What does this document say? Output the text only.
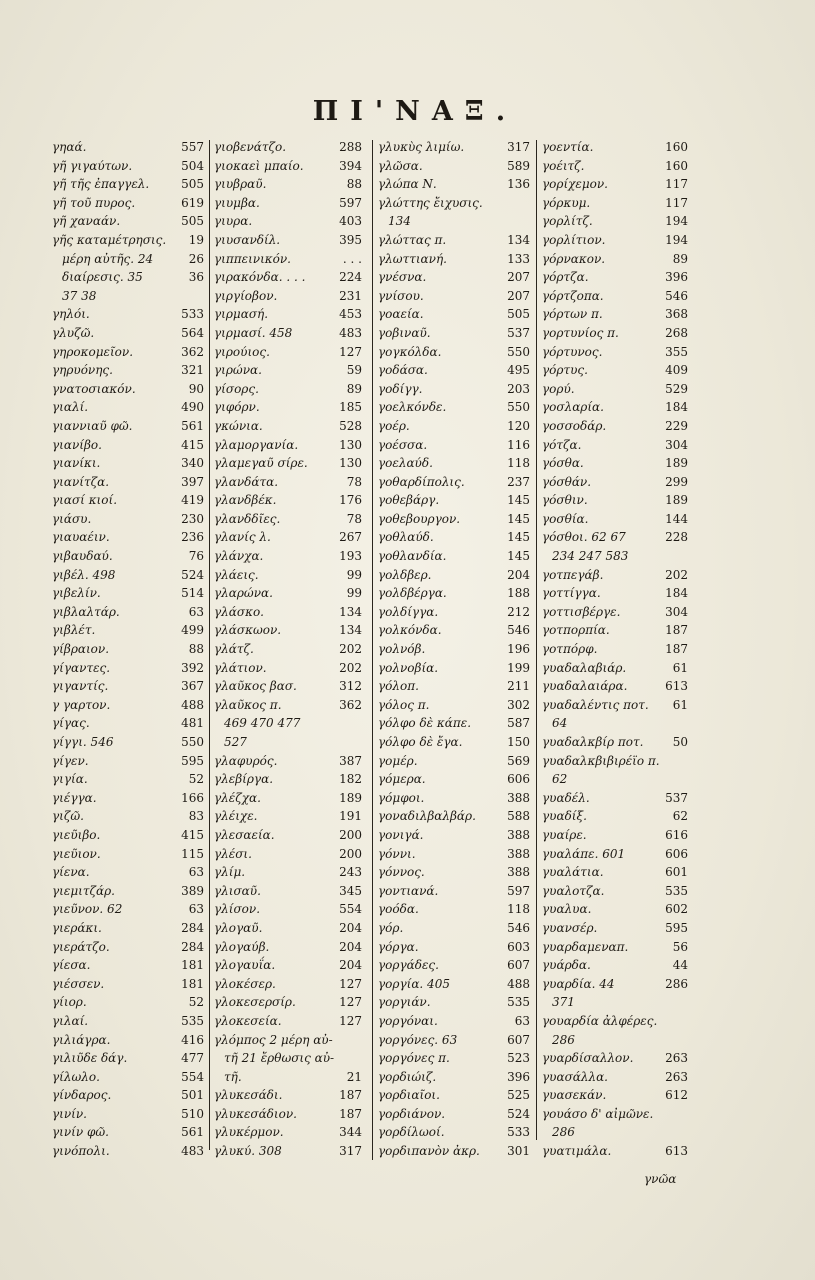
ΠΙ'ΝΑΞ.
γηαά.	557
γῆ γιγαύτων.	504
γῆ τῆς ἐπαγγελ.	505
γῆ τοῦ πυρος.	619
γῆ χαναάν.	505
γῆς καταμέτρησις. 19
μέρη αὐτῆς. 24	26
διαίρεσις. 35	36
37 38
γηλόι.	533
γλυζῶ.	564
γηροκομεῖον.	362
γηρυόνης.	321
γνατοσιακόν.	90
γιαλί.	490
γιαννιαῦ φῶ.	561
γιανίβο.	415
γιανίκι.	340
γιανίτζα.	397
γιασί κιοί.	419
γιάσυ.	230
γιαυαέιν.	236
γιβαυδαύ.	76
γιβέλ. 498	524
γιβελίν.	514
γιβλαλτάρ.	63
γιβλέτ.	499
γίβραιον.	88
γίγαντες.	392
γιγαντίς.	367
γ γαρτον.	488
γίγας.	481
γίγγι. 546	550
γίγεν.	595
γιγία.	52
γιέγγα.	166
γιζῶ.	83
γιεῦιβο.	415
γιεῦιον.	115
γίενα.	63
γιεμιτζάρ.	389
γιεῦνον. 62	63
γιεράκι.	284
γιεράτζο.	284
γίεσα.	181
γιέσσεν.	181
γίιορ.	52
γιλαί.	535
γιλιάγρα.	416
γιλιῦδε δάγ.	477
γίλωλο.	554
γίνδαρος.	501
γινίν.	510
γινίν φῶ.	561
γινόπολι.	483
γιοβενάτζο.	288
γιοκαεὶ μπαίο.	394
γιυβραῦ.	88
γιυμβα.	597
γιυρα.	403
γιυσανδίλ.	395
γιππεινικόν.	. . .
γιρακόνδα. . . .	224
γιργίοβον.	231
γιρμασή.	453
γιρμασί. 458	483
γιρούιος.	127
γιρώνα.	59
γίσορς.	89
γιφόρν.	185
γκώνια.	528
γλαμοργανία.	130
γλαμεγαῦ σίρε.	130
γλανδάτα.	78
γλανδβέκ.	176
γλανδδῖες.	78
γλανίς λ.	267
γλάνχα.	193
γλάεις.	99
γλαρώνα.	99
γλάσκο.	134
γλάσκωον.	134
γλάτζ.	202
γλάτιον.	202
γλαῦκος βασ.	312
γλαῦκος π.	362
469 470 477
527
γλαφυρός.	387
γλεβίργα.	182
γλέζχα.	189
γλέιχε.	191
γλεσαεία.	200
γλέσι.	200
γλίμ.	243
γλισαῦ.	345
γλίσον.	554
γλογαῦ.	204
γλογαύβ.	204
γλογαυΐα.	204
γλοκέσερ.	127
γλοκεσερσίρ.	127
γλοκεσεία.	127
γλόμπος 2 μέρη αὐ-
τῆ 21 ἔρθωσις αὐ-
τῆ.	21
γλυκεσάδι.	187
γλυκεσάδιον.	187
γλυκέρμον.	344
γλυκύ. 308	317
γλυκὺς λιμίω.	317
γλῶσα.	589
γλώπα Ν.	136
γλώττης ἔιχυσις.
134
γλώττας π.	134
γλωττιανή.	133
γνέσνα.	207
γνίσου.	207
γοαεία.	505
γοβιναῦ.	537
γογκόλδα.	550
γοδάσα.	495
γοδίγγ.	203
γοελκόνδε.	550
γοέρ.	120
γοέσσα.	116
γοελαύδ.	118
γοθαρδίπολις.	237
γοθεβάργ.	145
γοθεβουργον.	145
γοθλαύδ.	145
γοθλανδία.	145
γολδβερ.	204
γολδβέργα.	188
γολδίγγα.	212
γολκόνδα.	546
γολνόβ.	196
γολνοβία.	199
γόλοπ.	211
γόλος π.	302
γόλφο δὲ κάπε.	587
γόλφο δὲ ἔγα.	150
γομέρ.	569
γόμερα.	606
γόμφοι.	388
γοναδιλβαλβάρ.	588
γονιγά.	388
γόννι.	388
γόννος.	388
γοντιανά.	597
γοόδα.	118
γόρ.	546
γόργα.	603
γοργάδες.	607
γοργία. 405	488
γοργιάν.	535
γοργόναι.	63
γοργόνες. 63	607
γοργόνες π.	523
γορδιώιζ.	396
γορδιαῖοι.	525
γορδιάνον.	524
γορδίλωοί.	533
γορδιπανὸν ἀκρ. 301
γοεντία.	160
γοέιτζ.	160
γορίχεμον.	117
γόρκυμ.	117
γορλίτζ.	194
γορλίτιον.	194
γόρνακον.	89
γόρτζα.	396
γόρτζοπα.	546
γόρτων π.	368
γορτυνίος π.	268
γόρτυνος.	355
γόρτυς.	409
γορύ.	529
γοσλαρία.	184
γοσσοδάρ.	229
γότζα.	304
γόσθα.	189
γόσθάν.	299
γόσθιν.	189
γοσθία.	144
γόσθοι. 62 67	228
234 247 583
γοτπεγάβ.	202
γοττίγγα.	184
γοττισβέργε.	304
γοτπορπία.	187
γοτπόρφ.	187
γυαδαλαβιάρ.	61
γυαδαλαιάρα.	613
γυαδαλέντις ποτ. 61
64
γυαδαλκβίρ ποτ. 50
γυαδαλκβιβιρέϊο π.
62
γυαδέλ.	537
γυαδίξ.	62
γυαίρε.	616
γυαλάπε. 601	606
γυαλάτια.	601
γυαλοτζα.	535
γυαλυα.	602
γυανσέρ.	595
γυαρδαμεναπ.	56
γυάρδα.	44
γυαρδία. 44	286
371
γουαρδία ἀλφέρες.
286
γυαρδίσαλλον.	263
γυασάλλα.	263
γυασεκάν.	612
γουάσο δ' αἰμῶνε.
286
γυατιμάλα.	613
γνῶα
